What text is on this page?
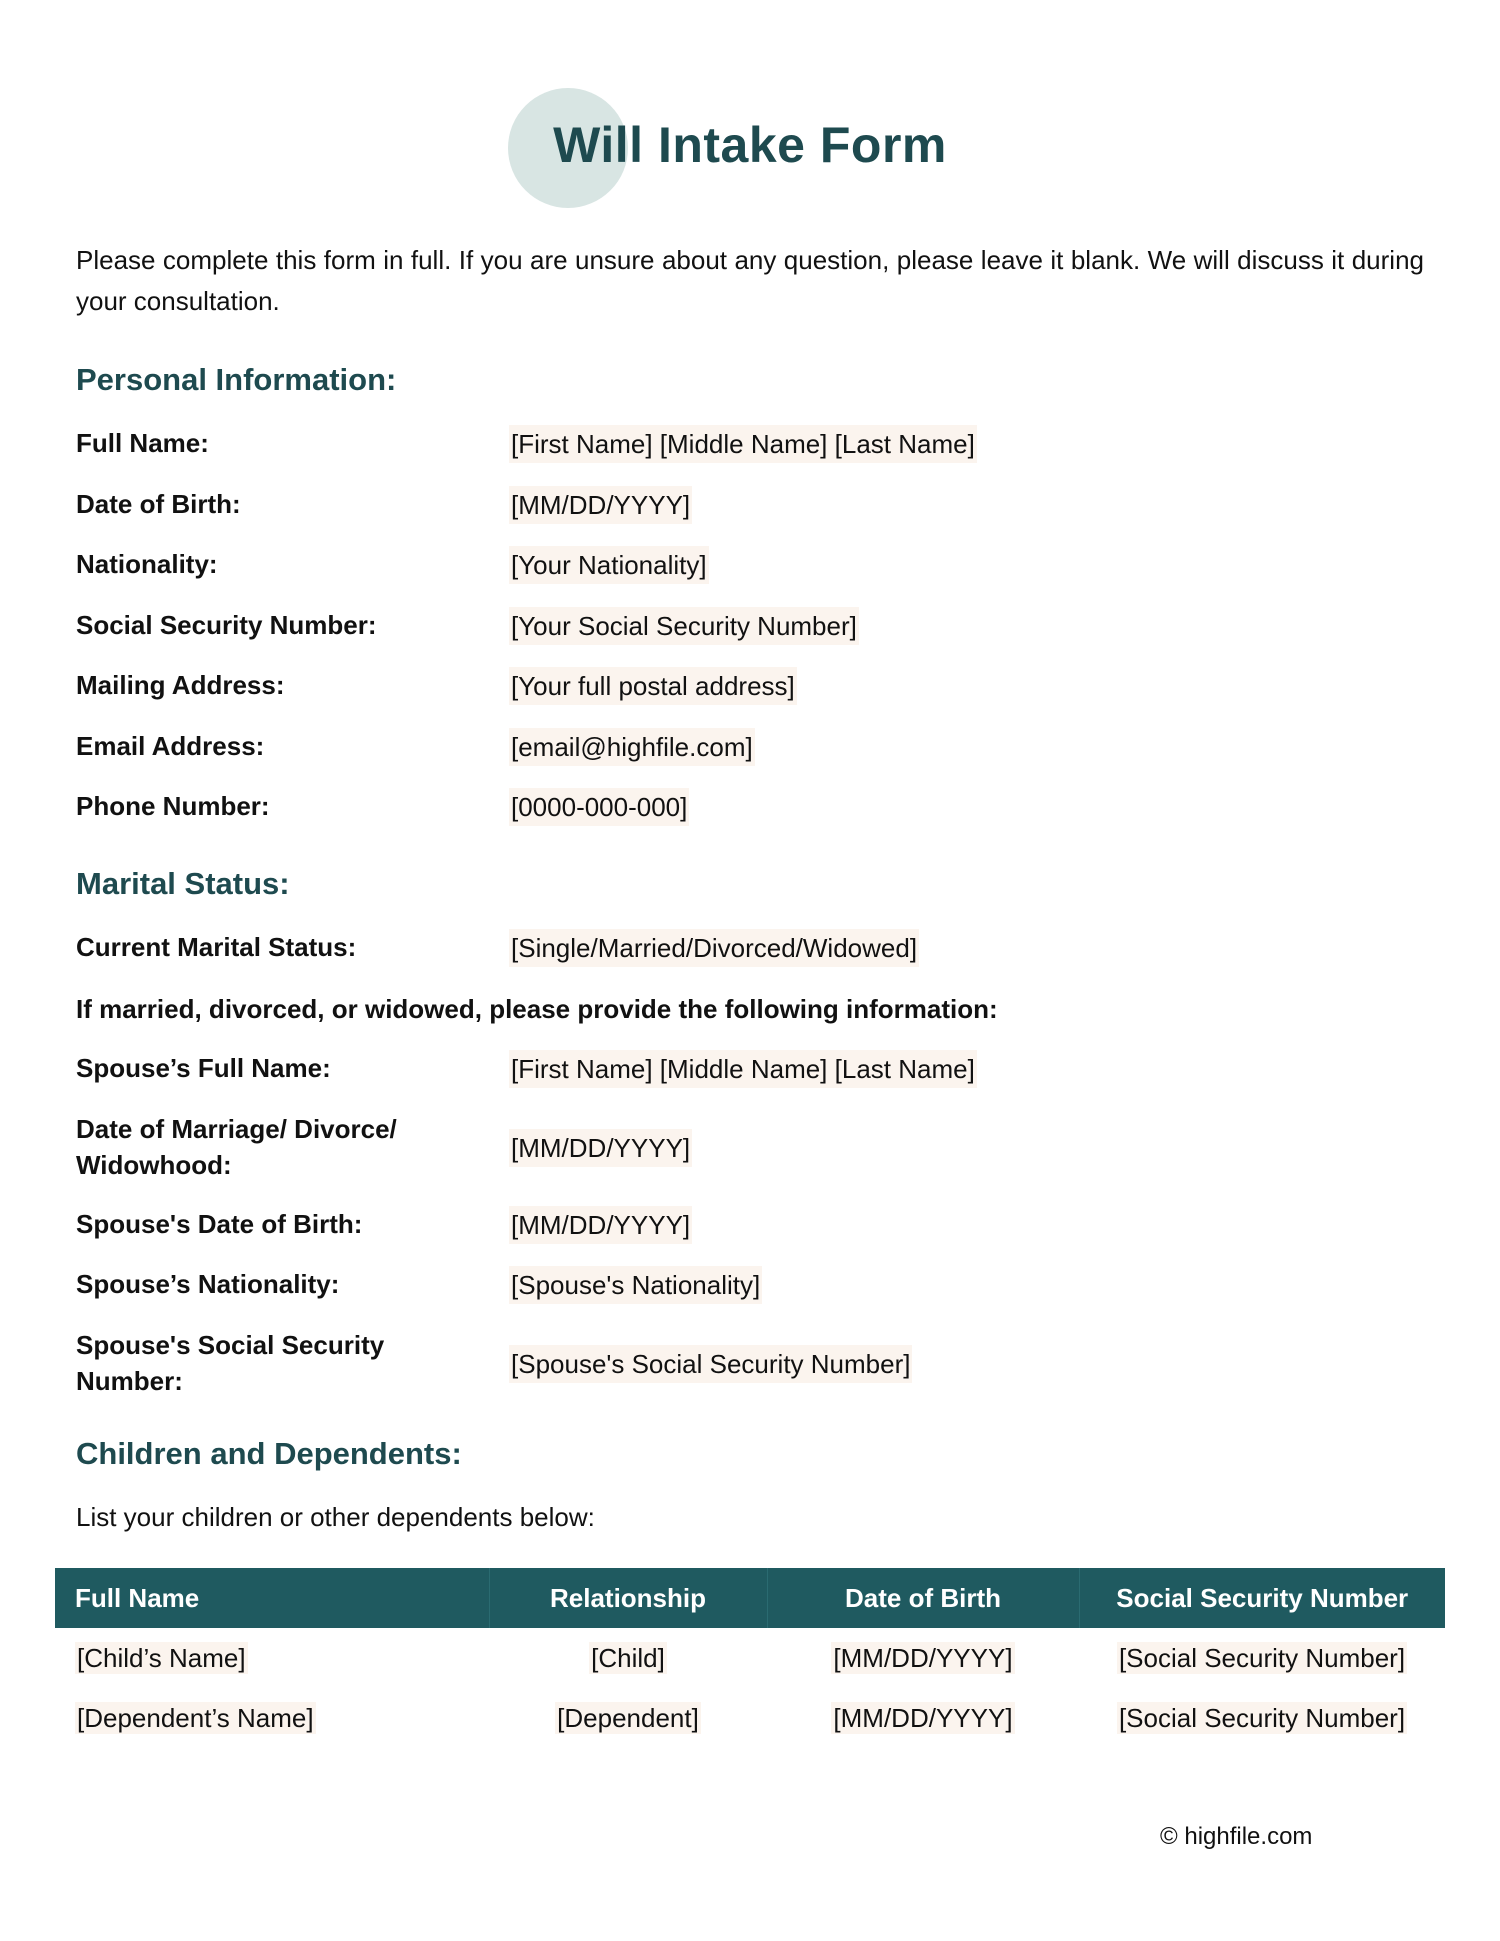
Will Intake Form

Please complete this form in full. If you are unsure about any question, please leave it blank. We will discuss it during your consultation.

Personal Information:
Full Name:	[First Name] [Middle Name] [Last Name]
Date of Birth:	[MM/DD/YYYY]
Nationality:	[Your Nationality]
Social Security Number:	[Your Social Security Number]
Mailing Address:	[Your full postal address]
Email Address:	[email@highfile.com]
Phone Number:	[0000-000-000]
Marital Status:
Current Marital Status:	[Single/Married/Divorced/Widowed]

If married, divorced, or widowed, please provide the following information:

Spouse’s Full Name:	[First Name] [Middle Name] [Last Name]
Date of Marriage/ Divorce/ Widowhood:
[MM/DD/YYYY]
Spouse's Date of Birth:	[MM/DD/YYYY]
Spouse’s Nationality:	[Spouse's Nationality]
Spouse's Social Security Number:
[Spouse's Social Security Number]
Children and Dependents:

List your children or other dependents below:

Full Name	Relationship	Date of Birth	Social Security Number
[Child’s Name]	[Child]	[MM/DD/YYYY]	[Social Security Number]
[Dependent’s Name]	[Dependent]	[MM/DD/YYYY]	[Social Security Number]

© highfile.com
